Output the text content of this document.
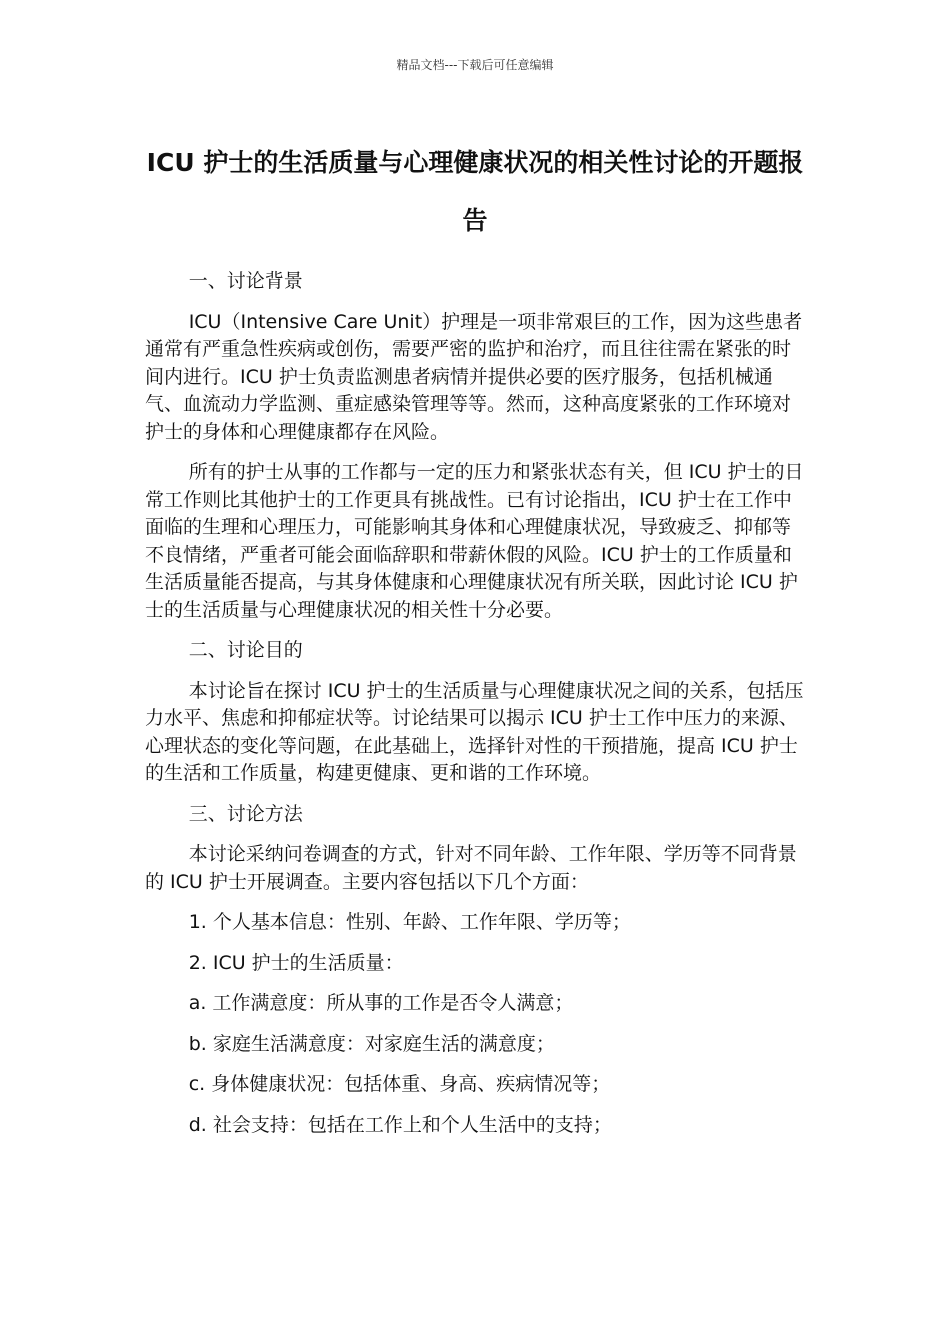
精品文档---下载后可任意编辑
ICU 护士的生活质量与心理健康状况的相关性讨论的开题报告

一、讨论背景

ICU（Intensive Care Unit）护理是一项非常艰巨的工作，因为这些患者通常有严重急性疾病或创伤，需要严密的监护和治疗，而且往往需在紧张的时间内进行。ICU 护士负责监测患者病情并提供必要的医疗服务，包括机械通气、血流动力学监测、重症感染管理等等。然而，这种高度紧张的工作环境对护士的身体和心理健康都存在风险。

所有的护士从事的工作都与一定的压力和紧张状态有关，但 ICU 护士的日常工作则比其他护士的工作更具有挑战性。已有讨论指出，ICU 护士在工作中面临的生理和心理压力，可能影响其身体和心理健康状况，导致疲乏、抑郁等不良情绪，严重者可能会面临辞职和带薪休假的风险。ICU 护士的工作质量和生活质量能否提高，与其身体健康和心理健康状况有所关联，因此讨论 ICU 护士的生活质量与心理健康状况的相关性十分必要。

二、讨论目的

本讨论旨在探讨 ICU 护士的生活质量与心理健康状况之间的关系，包括压力水平、焦虑和抑郁症状等。讨论结果可以揭示 ICU 护士工作中压力的来源、心理状态的变化等问题，在此基础上，选择针对性的干预措施，提高 ICU 护士的生活和工作质量，构建更健康、更和谐的工作环境。

三、讨论方法

本讨论采纳问卷调查的方式，针对不同年龄、工作年限、学历等不同背景的 ICU 护士开展调查。主要内容包括以下几个方面：

1. 个人基本信息：性别、年龄、工作年限、学历等；

2. ICU 护士的生活质量：

a. 工作满意度：所从事的工作是否令人满意；

b. 家庭生活满意度：对家庭生活的满意度；

c. 身体健康状况：包括体重、身高、疾病情况等；

d. 社会支持：包括在工作上和个人生活中的支持；
